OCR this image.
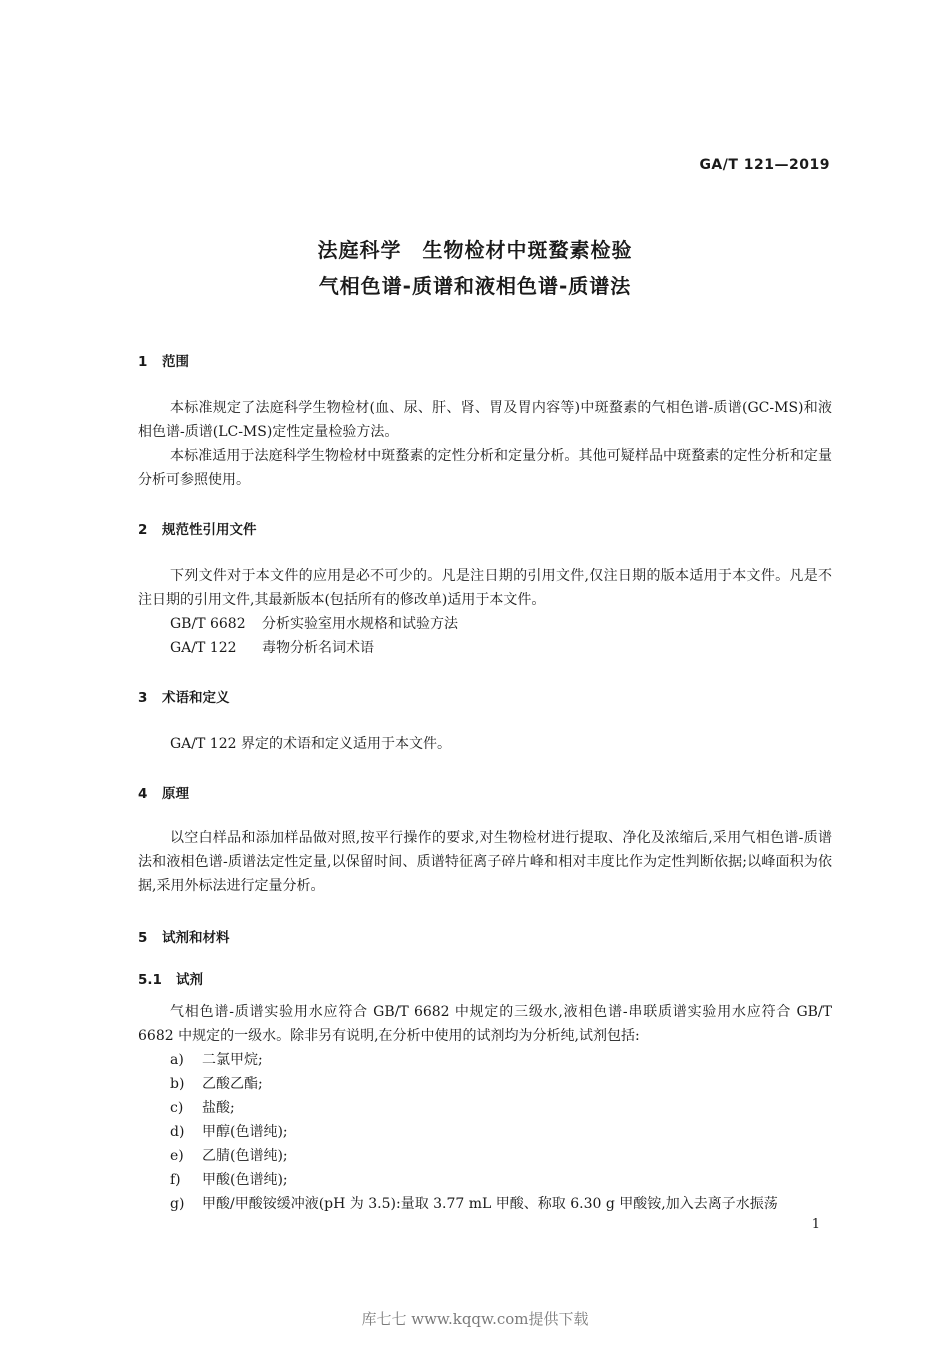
GA/T 121—2019
法庭科学　生物检材中斑蝥素检验
气相色谱-质谱和液相色谱-质谱法
1 范围
本标准规定了法庭科学生物检材(血、尿、肝、肾、胃及胃内容等)中斑蝥素的气相色谱-质谱(GC-MS)和液相色谱-质谱(LC-MS)定性定量检验方法。
本标准适用于法庭科学生物检材中斑蝥素的定性分析和定量分析。其他可疑样品中斑蝥素的定性分析和定量分析可参照使用。
2 规范性引用文件
下列文件对于本文件的应用是必不可少的。凡是注日期的引用文件,仅注日期的版本适用于本文件。凡是不注日期的引用文件,其最新版本(包括所有的修改单)适用于本文件。
GB/T 6682 分析实验室用水规格和试验方法
GA/T 122 毒物分析名词术语
3 术语和定义
GA/T 122 界定的术语和定义适用于本文件。
4 原理
以空白样品和添加样品做对照,按平行操作的要求,对生物检材进行提取、净化及浓缩后,采用气相色谱-质谱法和液相色谱-质谱法定性定量,以保留时间、质谱特征离子碎片峰和相对丰度比作为定性判断依据;以峰面积为依据,采用外标法进行定量分析。
5 试剂和材料
5.1 试剂
气相色谱-质谱实验用水应符合 GB/T 6682 中规定的三级水,液相色谱-串联质谱实验用水应符合 GB/T 6682 中规定的一级水。除非另有说明,在分析中使用的试剂均为分析纯,试剂包括:
a) 二氯甲烷;
b) 乙酸乙酯;
c) 盐酸;
d) 甲醇(色谱纯);
e) 乙腈(色谱纯);
f) 甲酸(色谱纯);
g) 甲酸/甲酸铵缓冲液(pH 为 3.5):量取 3.77 mL 甲酸、称取 6.30 g 甲酸铵,加入去离子水振荡
1
库七七 www.kqqw.com提供下载
